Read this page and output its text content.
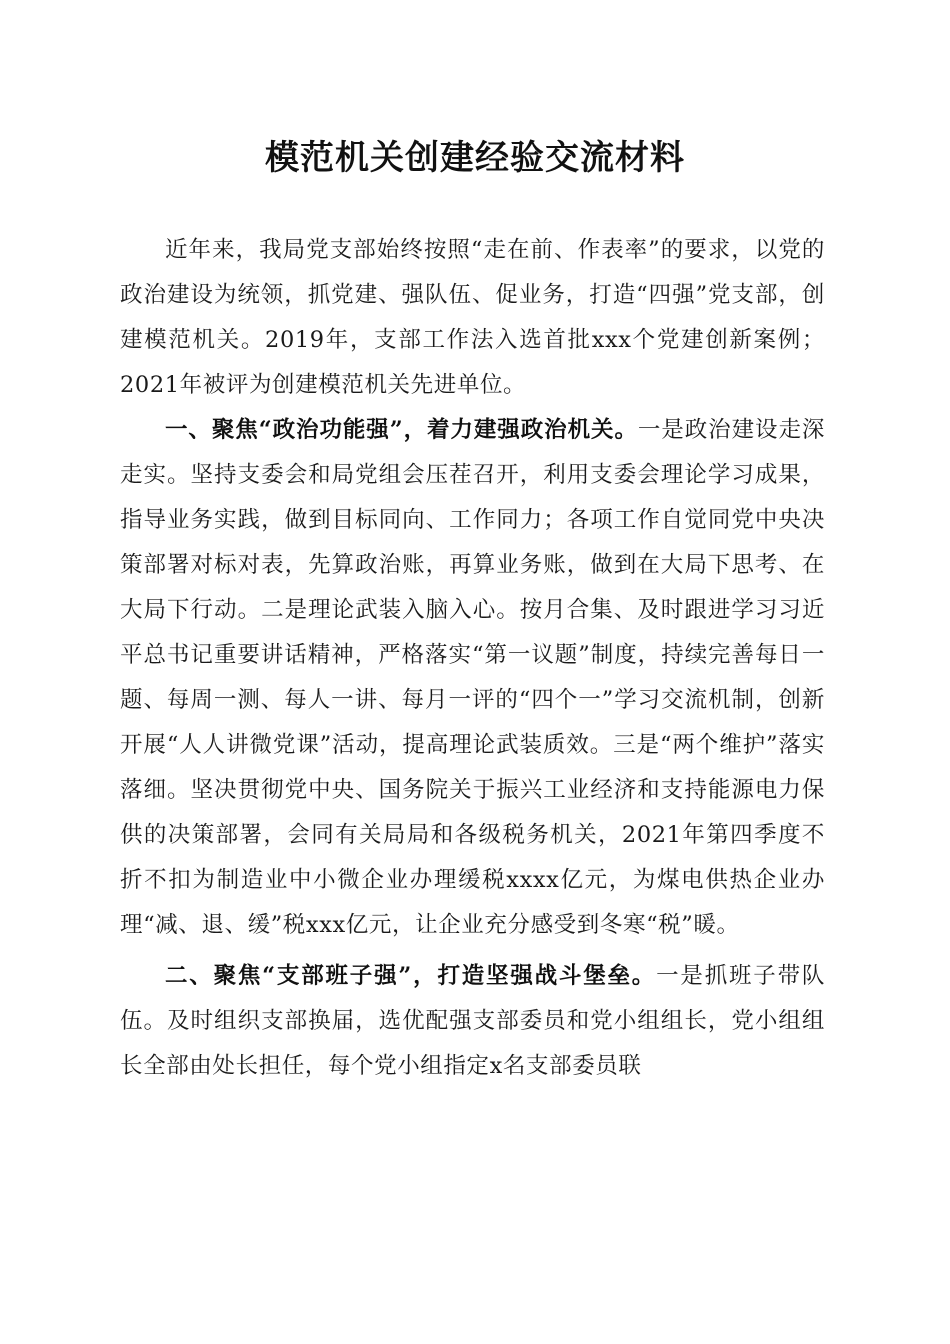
模范机关创建经验交流材料

近年来，我局党支部始终按照“走在前、作表率”的要求，以党的政治建设为统领，抓党建、强队伍、促业务，打造“四强”党支部，创建模范机关。2019年，支部工作法入选首批xxx个党建创新案例；2021年被评为创建模范机关先进单位。

一、聚焦“政治功能强”，着力建强政治机关。一是政治建设走深走实。坚持支委会和局党组会压茬召开，利用支委会理论学习成果，指导业务实践，做到目标同向、工作同力；各项工作自觉同党中央决策部署对标对表，先算政治账，再算业务账，做到在大局下思考、在大局下行动。二是理论武装入脑入心。按月合集、及时跟进学习习近平总书记重要讲话精神，严格落实“第一议题”制度，持续完善每日一题、每周一测、每人一讲、每月一评的“四个一”学习交流机制，创新开展“人人讲微党课”活动，提高理论武装质效。三是“两个维护”落实落细。坚决贯彻党中央、国务院关于振兴工业经济和支持能源电力保供的决策部署，会同有关局局和各级税务机关，2021年第四季度不折不扣为制造业中小微企业办理缓税xxxx亿元，为煤电供热企业办理“减、退、缓”税xxx亿元，让企业充分感受到冬寒“税”暖。

二、聚焦“支部班子强”，打造坚强战斗堡垒。一是抓班子带队伍。及时组织支部换届，选优配强支部委员和党小组组长，党小组组长全部由处长担任，每个党小组指定x名支部委员联
